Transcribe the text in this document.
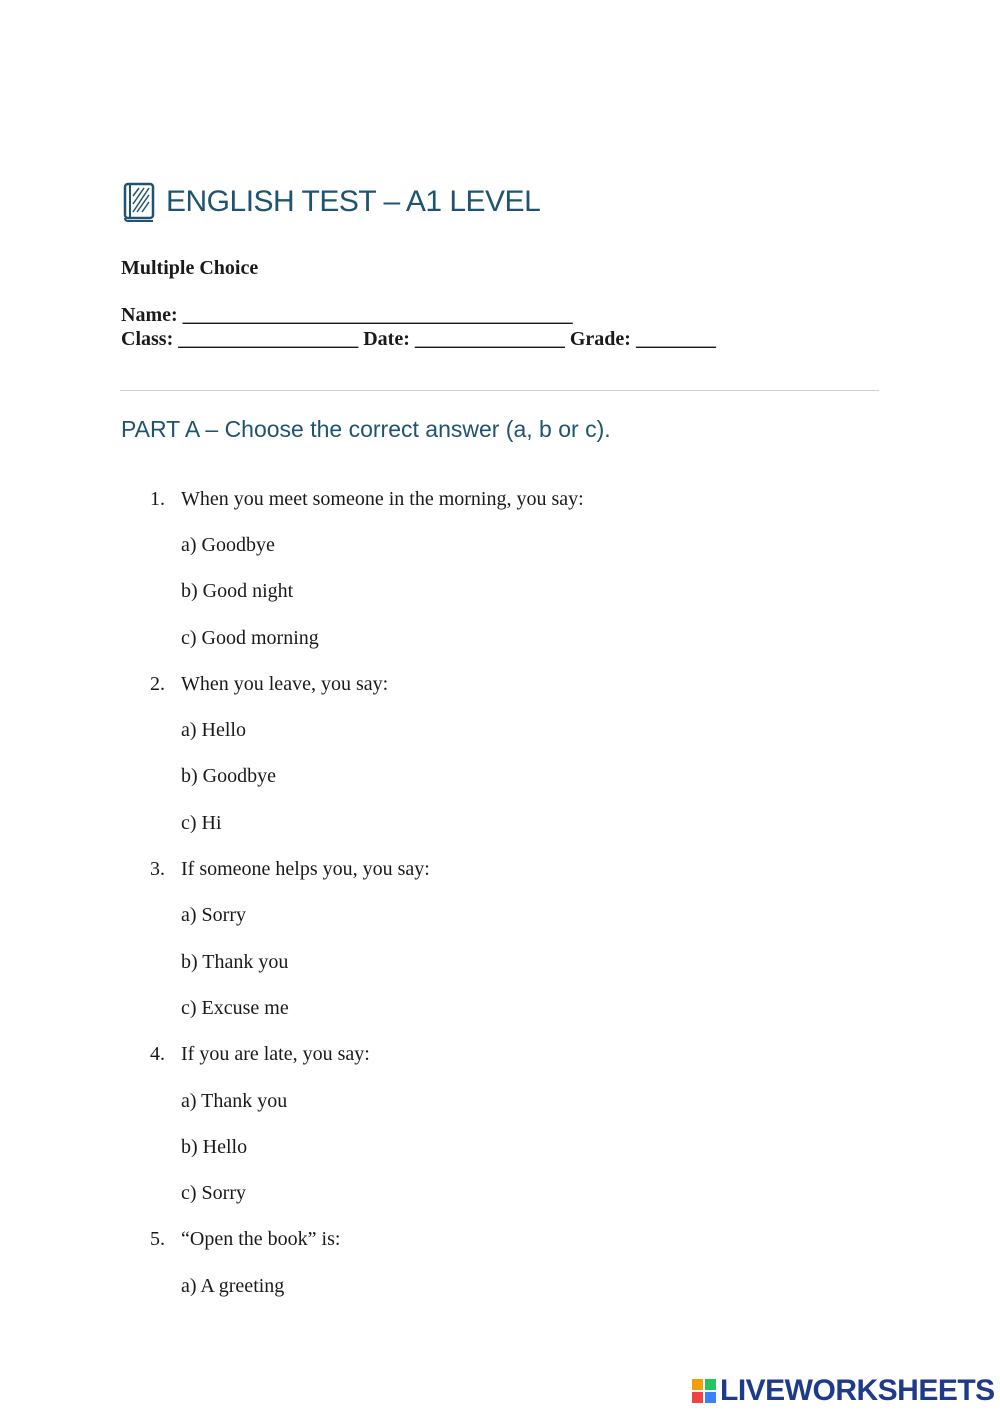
ENGLISH TEST – A1 LEVEL
Multiple Choice
Name: _______________________________________
Class: __________________ Date: _______________ Grade: ________
PART A – Choose the correct answer (a, b or c).
1. When you meet someone in the morning, you say:
a) Goodbye
b) Good night
c) Good morning
2. When you leave, you say:
a) Hello
b) Goodbye
c) Hi
3. If someone helps you, you say:
a) Sorry
b) Thank you
c) Excuse me
4. If you are late, you say:
a) Thank you
b) Hello
c) Sorry
5. “Open the book” is:
a) A greeting
LIVEWORKSHEETS
